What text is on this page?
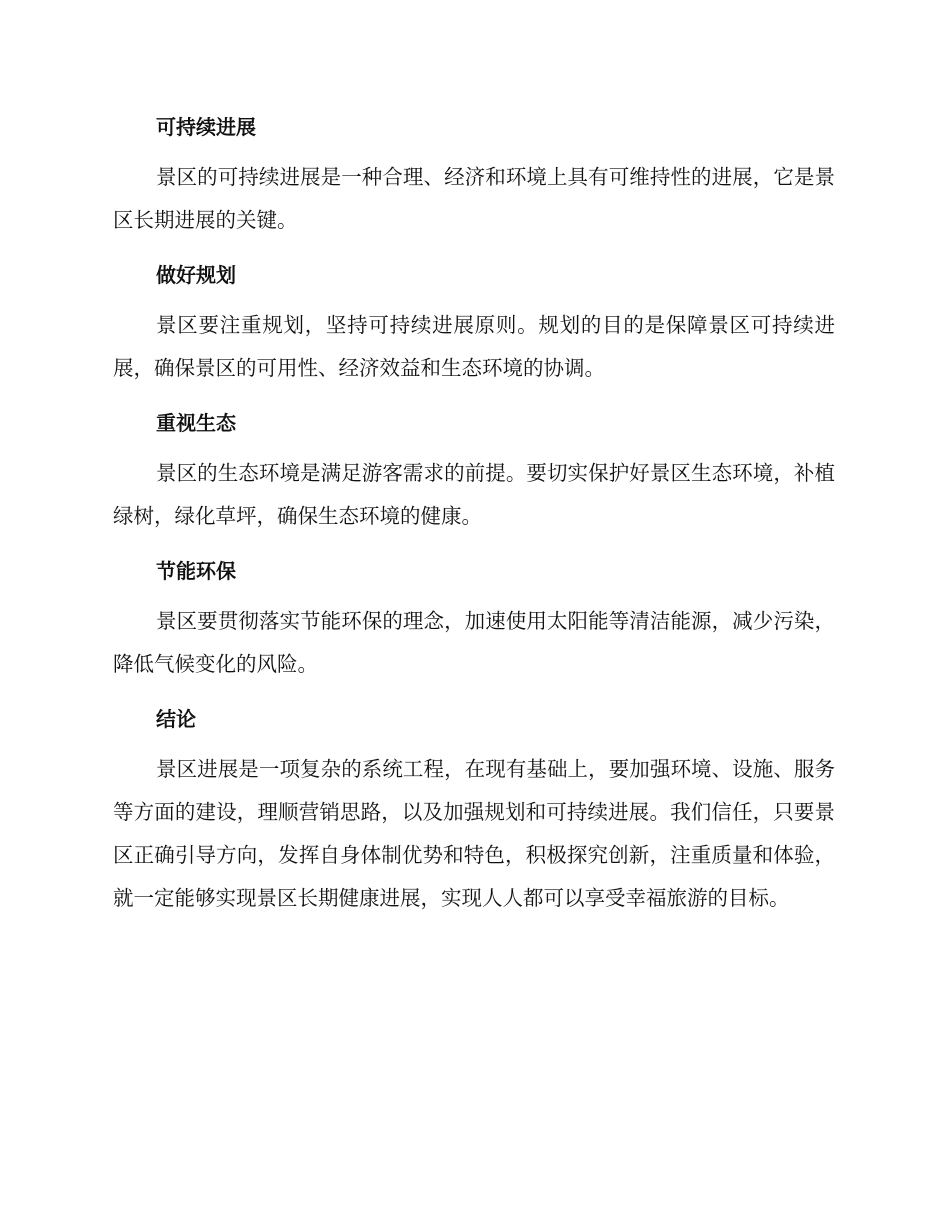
可持续进展

景区的可持续进展是一种合理、经济和环境上具有可维持性的进展，它是景区长期进展的关键。

做好规划

景区要注重规划，坚持可持续进展原则。规划的目的是保障景区可持续进展，确保景区的可用性、经济效益和生态环境的协调。

重视生态

景区的生态环境是满足游客需求的前提。要切实保护好景区生态环境，补植绿树，绿化草坪，确保生态环境的健康。

节能环保

景区要贯彻落实节能环保的理念，加速使用太阳能等清洁能源，减少污染，降低气候变化的风险。

结论

景区进展是一项复杂的系统工程，在现有基础上，要加强环境、设施、服务等方面的建设，理顺营销思路，以及加强规划和可持续进展。我们信任，只要景区正确引导方向，发挥自身体制优势和特色，积极探究创新，注重质量和体验，就一定能够实现景区长期健康进展，实现人人都可以享受幸福旅游的目标。
